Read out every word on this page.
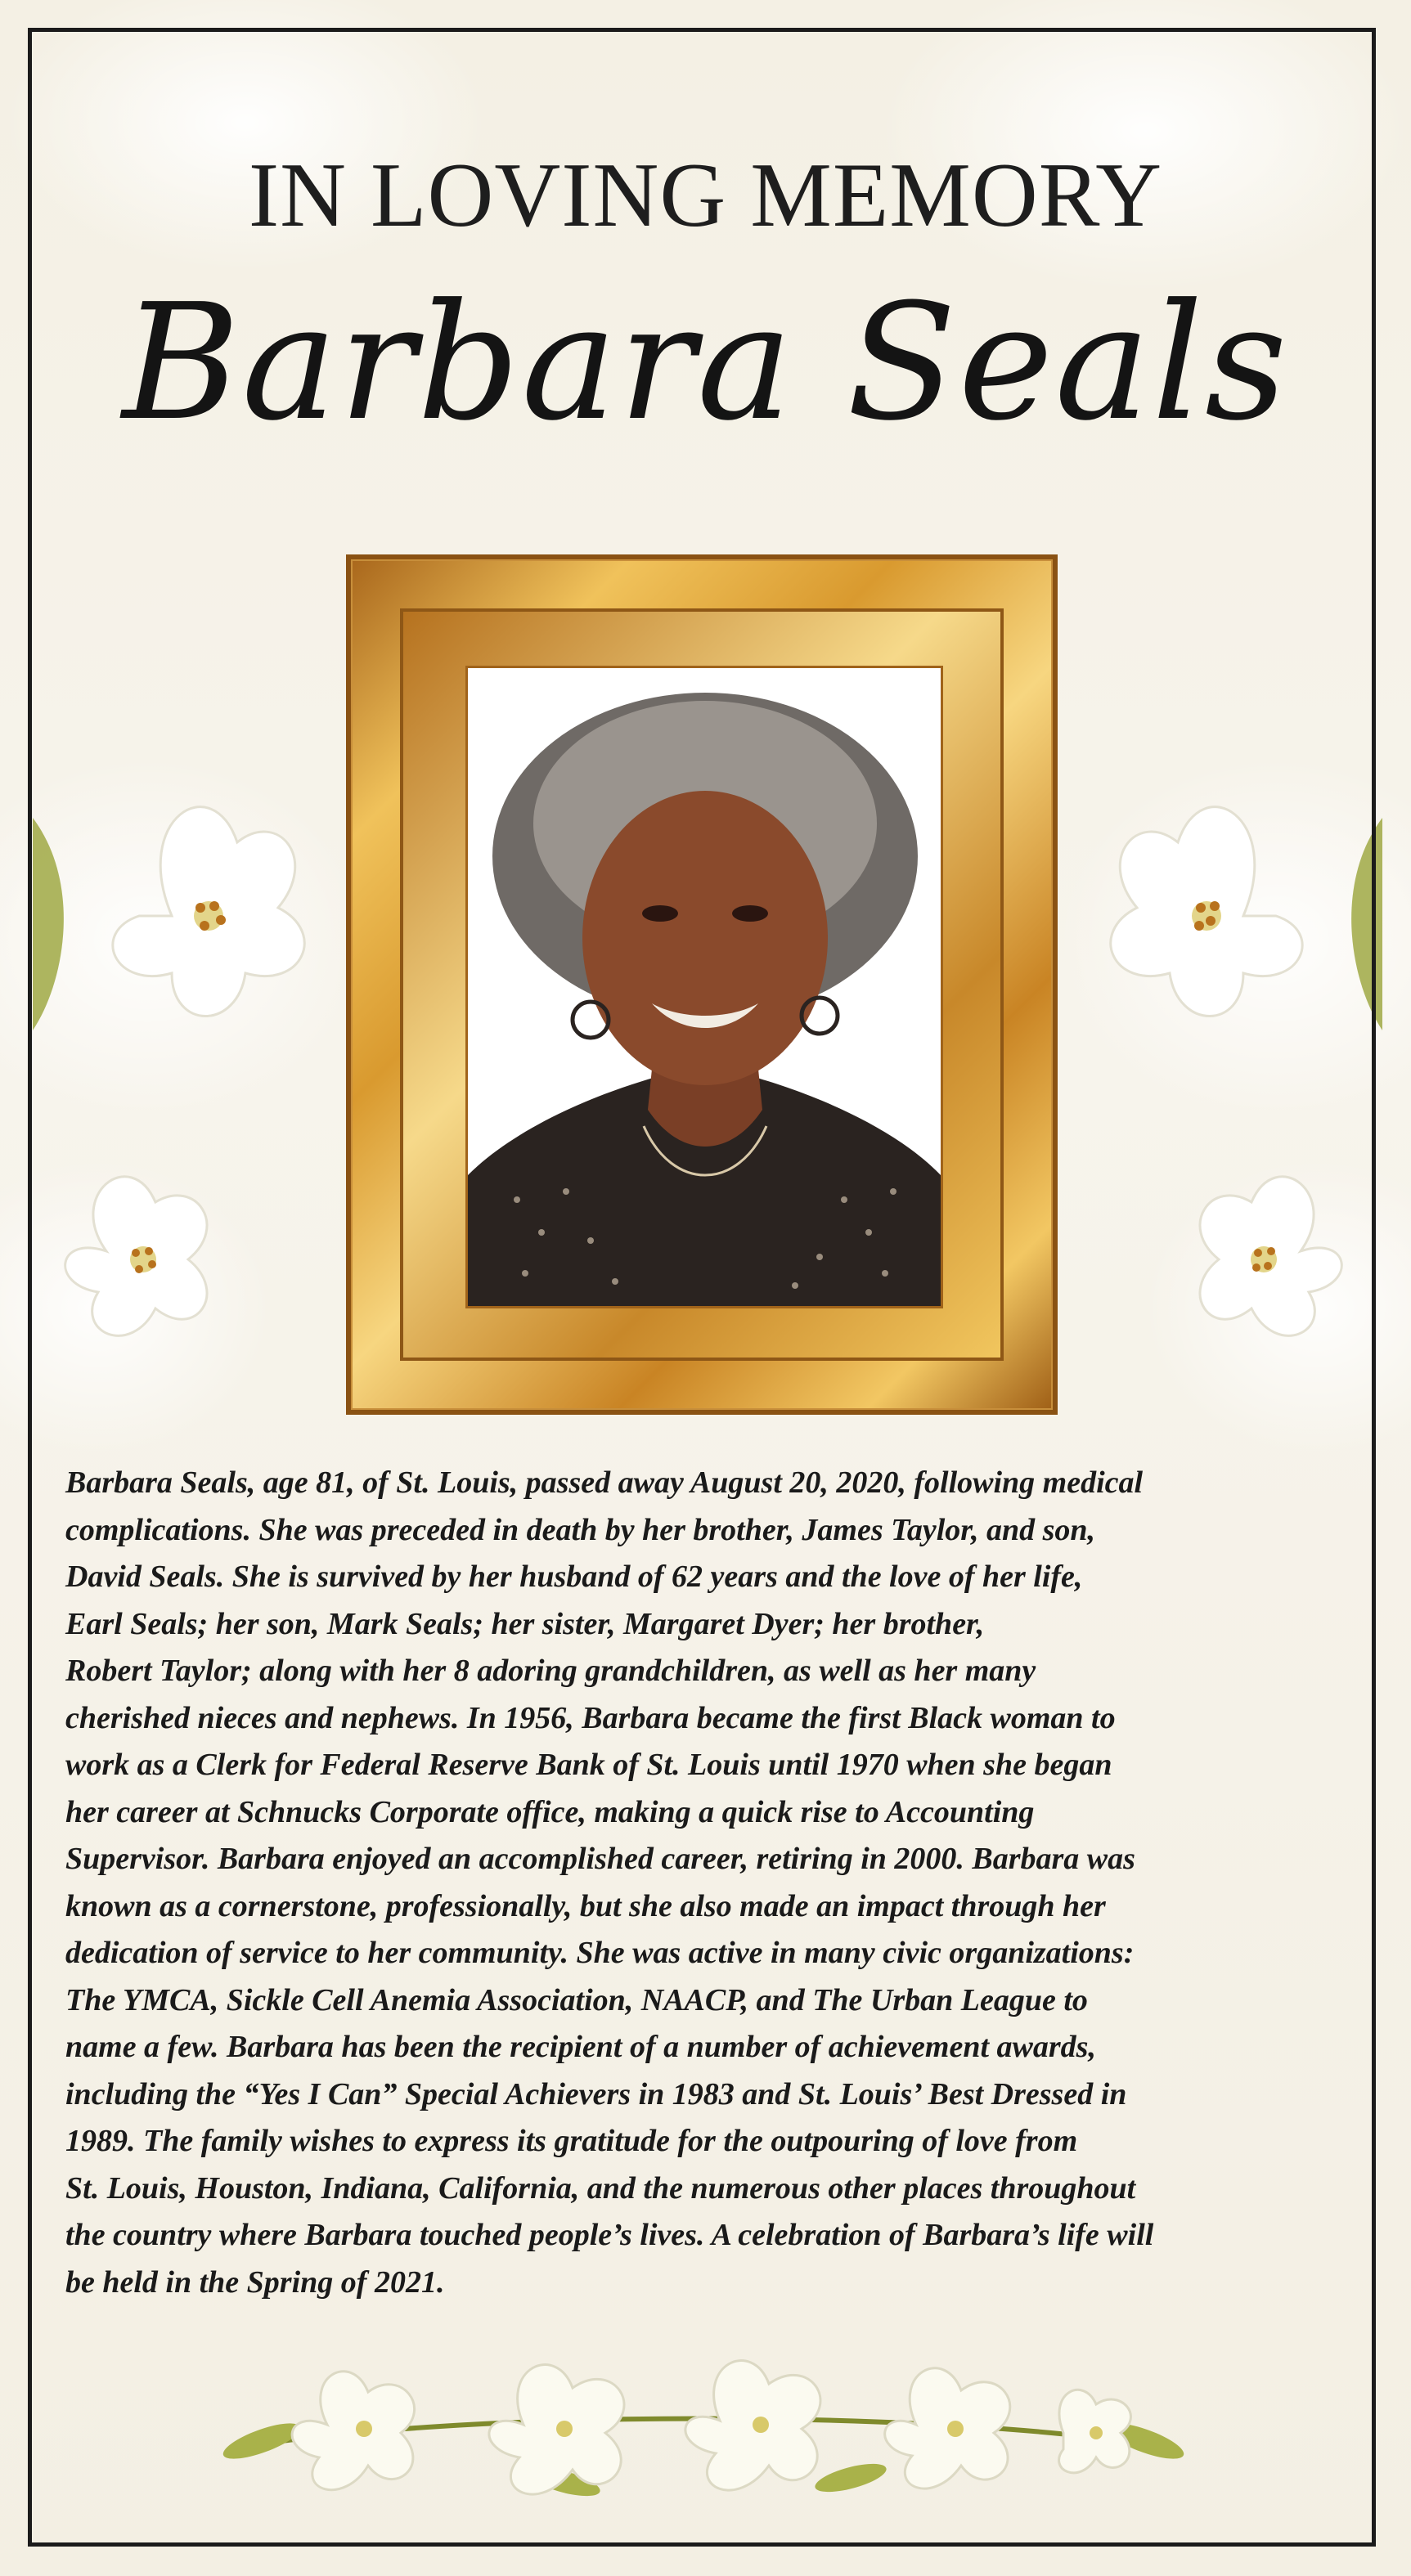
IN LOVING MEMORY
Barbara Seals
Barbara Seals, age 81, of St. Louis, passed away August 20, 2020, following medical
complications. She was preceded in death by her brother, James Taylor, and son,
David Seals. She is survived by her husband of 62 years and the love of her life,
Earl Seals; her son, Mark Seals; her sister, Margaret Dyer; her brother,
Robert Taylor; along with her 8 adoring grandchildren, as well as her many
cherished nieces and nephews. In 1956, Barbara became the first Black woman to
work as a Clerk for Federal Reserve Bank of St. Louis until 1970 when she began
her career at Schnucks Corporate office, making a quick rise to Accounting
Supervisor. Barbara enjoyed an accomplished career, retiring in 2000. Barbara was
known as a cornerstone, professionally, but she also made an impact through her
dedication of service to her community. She was active in many civic organizations:
The YMCA, Sickle Cell Anemia Association, NAACP, and The Urban League to
name a few. Barbara has been the recipient of a number of achievement awards,
including the “Yes I Can” Special Achievers in 1983 and St. Louis’ Best Dressed in
1989. The family wishes to express its gratitude for the outpouring of love from
St. Louis, Houston, Indiana, California, and the numerous other places throughout
the country where Barbara touched people’s lives. A celebration of Barbara’s life will
be held in the Spring of 2021.
